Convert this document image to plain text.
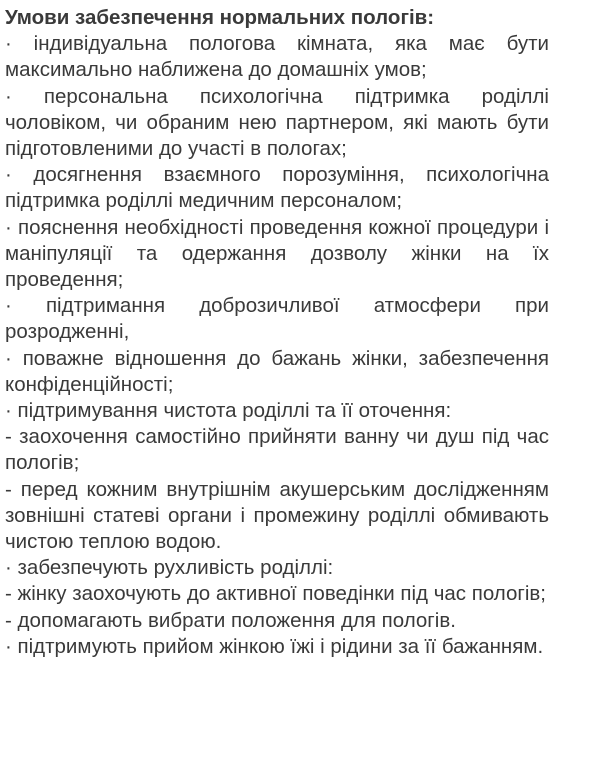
Умови забезпечення нормальних пологів:

· індивідуальна пологова кімната, яка має бути максимально наближена до домашніх умов;

· персональна психологічна підтримка роділлі чоловіком, чи обраним нею партнером, які мають бути підготовленими до участі в пологах;

· досягнення взаємного порозуміння, психологічна підтримка роділлі медичним персоналом;

· пояснення необхідності проведення кожної процедури і маніпуляції та одержання дозволу жінки на їх проведення;

· підтримання доброзичливої атмосфери при розродженні,

· поважне відношення до бажань жінки, забезпечення конфіденційності;

· підтримування чистота роділлі та її оточення:

- заохочення самостійно прийняти ванну чи душ під час пологів;

- перед кожним внутрішнім акушерським дослідженням зовнішні статеві органи і промежину роділлі обмивають чистою теплою водою.

· забезпечують рухливість роділлі:

- жінку заохочують до активної поведінки під час пологів;

- допомагають вибрати положення для пологів.

· підтримують прийом жінкою їжі і рідини за її бажанням.
